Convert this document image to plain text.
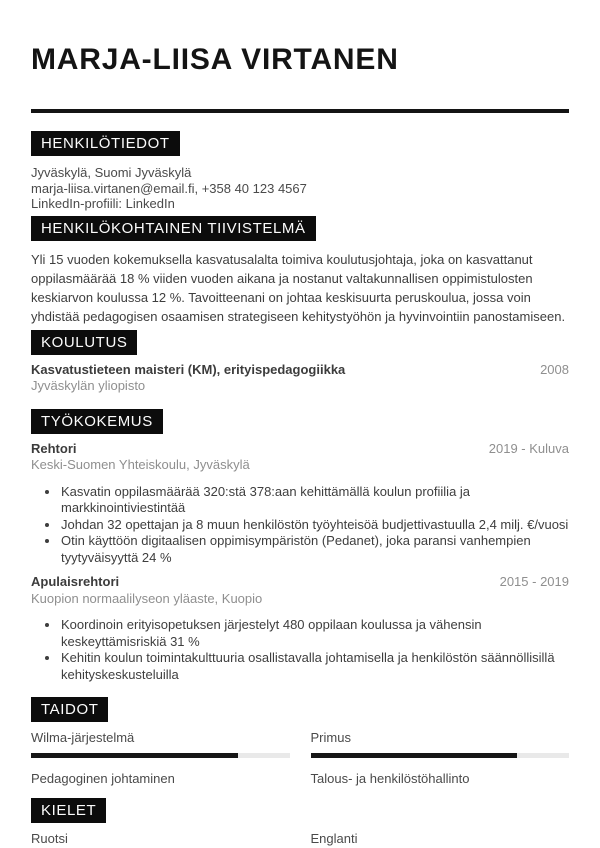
MARJA-LIISA VIRTANEN
HENKILÖTIEDOT
Jyväskylä, Suomi Jyväskylä
marja-liisa.virtanen@email.fi, +358 40 123 4567
LinkedIn-profiili: LinkedIn
HENKILÖKOHTAINEN TIIVISTELMÄ

Yli 15 vuoden kokemuksella kasvatusalalta toimiva koulutusjohtaja, joka on kasvattanut oppilasmäärää 18 % viiden vuoden aikana ja nostanut valtakunnallisen oppimistulosten keskiarvon koulussa 12 %. Tavoitteenani on johtaa keskisuurta peruskoulua, jossa voin yhdistää pedagogisen osaamisen strategiseen kehitystyöhön ja hyvinvointiin panostamiseen.

KOULUTUS
Kasvatustieteen maisteri (KM), erityispedagogiikka	2008
Jyväskylän yliopisto
TYÖKOKEMUS
Rehtori	2019 - Kuluva
Keski-Suomen Yhteiskoulu, Jyväskylä
• Kasvatin oppilasmäärää 320:stä 378:aan kehittämällä koulun profiilia ja markkinointiviestintää
• Johdan 32 opettajan ja 8 muun henkilöstön työyhteisöä budjettivastuulla 2,4 milj. €/vuosi
• Otin käyttöön digitaalisen oppimisympäristön (Pedanet), joka paransi vanhempien tyytyväisyyttä 24 %
Apulaisrehtori	2015 - 2019
Kuopion normaalilyseon yläaste, Kuopio
• Koordinoin erityisopetuksen järjestelyt 480 oppilaan koulussa ja vähensin keskeyttämisriskiä 31 %
• Kehitin koulun toimintakulttuuria osallistavalla johtamisella ja henkilöstön säännöllisillä kehityskeskusteluilla
TAIDOT
Wilma-järjestelmä	Primus
Pedagoginen johtaminen	Talous- ja henkilöstöhallinto
KIELET
Ruotsi	Englanti
